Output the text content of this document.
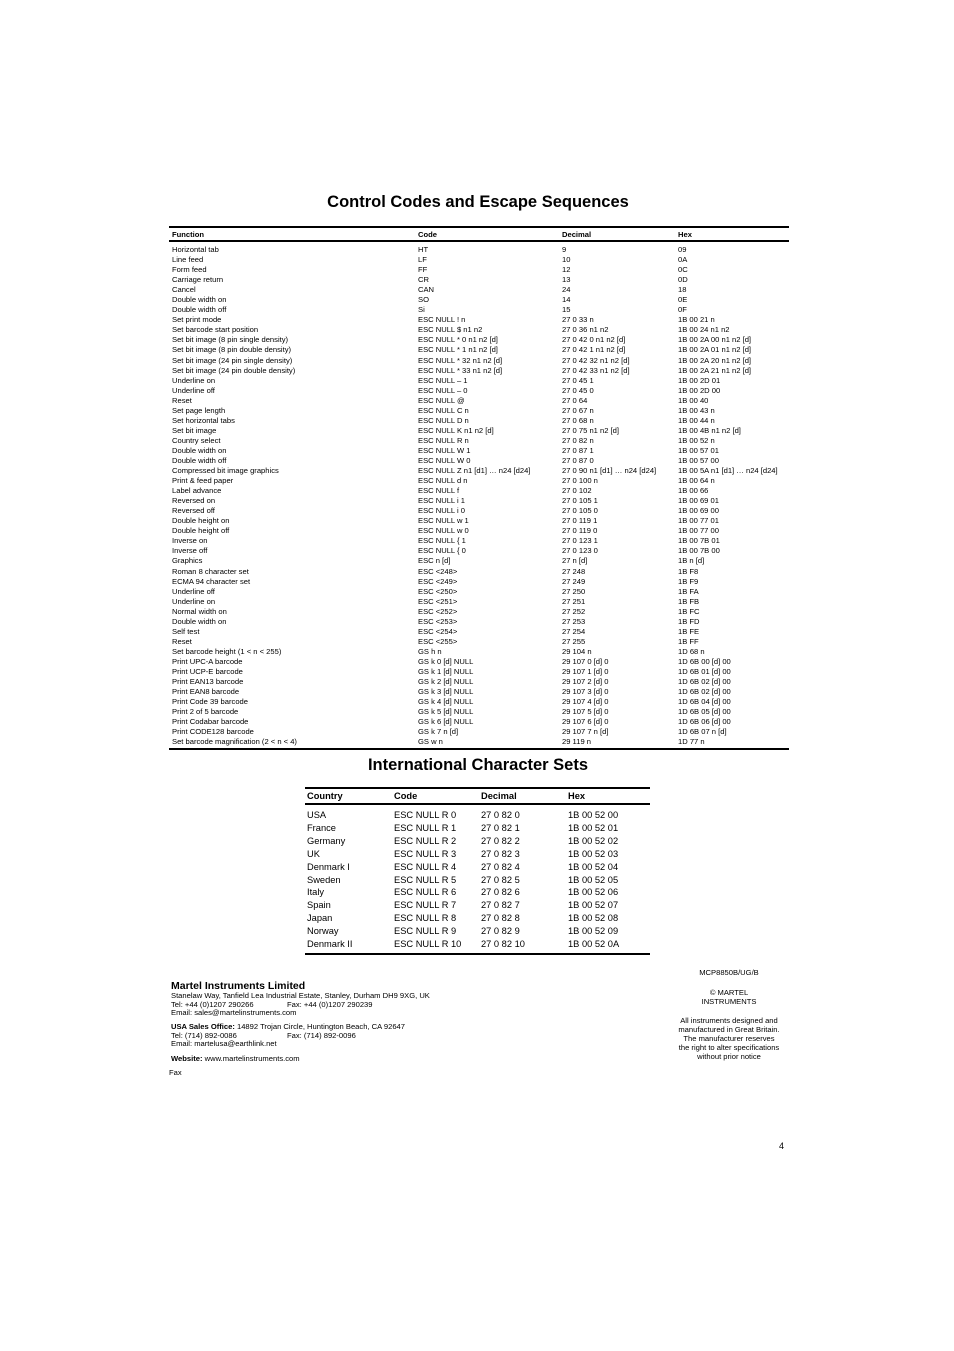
Control Codes and Escape Sequences
Function	Code	Decimal	Hex
Horizontal tab	HT	9	09
Line feed	LF	10	0A
Form feed	FF	12	0C
Carriage return	CR	13	0D
Cancel	CAN	24	18
Double width on	SO	14	0E
Double width off	Si	15	0F
Set print mode	ESC NULL ! n	27 0 33 n	1B 00 21 n
Set barcode start position	ESC NULL $ n1 n2	27 0 36 n1 n2	1B 00 24 n1 n2
Set bit image (8 pin single density)	ESC NULL * 0 n1 n2 [d]	27 0 42 0 n1 n2 [d]	1B 00 2A 00 n1 n2 [d]
Set bit image (8 pin double density)	ESC NULL * 1 n1 n2 [d]	27 0 42 1 n1 n2 [d]	1B 00 2A 01 n1 n2 [d]
Set bit image (24 pin single density)	ESC NULL * 32 n1 n2 [d]	27 0 42 32 n1 n2 [d]	1B 00 2A 20 n1 n2 [d]
Set bit image (24 pin double density)	ESC NULL * 33 n1 n2 [d]	27 0 42 33 n1 n2 [d]	1B 00 2A 21 n1 n2 [d]
Underline on	ESC NULL – 1	27 0 45 1	1B 00 2D 01
Underline off	ESC NULL – 0	27 0 45 0	1B 00 2D 00
Reset	ESC NULL @	27 0 64	1B 00 40
Set page length	ESC NULL C n	27 0 67 n	1B 00 43 n
Set horizontal tabs	ESC NULL D n	27 0 68 n	1B 00 44 n
Set bit image	ESC NULL K n1 n2 [d]	27 0 75 n1 n2 [d]	1B 00 4B n1 n2 [d]
Country select	ESC NULL R n	27 0 82 n	1B 00 52 n
Double width on	ESC NULL W 1	27 0 87 1	1B 00 57 01
Double width off	ESC NULL W 0	27 0 87 0	1B 00 57 00
Compressed bit image graphics	ESC NULL Z n1 [d1] … n24 [d24]	27 0 90 n1 [d1] … n24 [d24]	1B 00 5A n1 [d1] … n24 [d24]
Print & feed paper	ESC NULL d n	27 0 100 n	1B 00 64 n
Label advance	ESC NULL f	27 0 102	1B 00 66
Reversed on	ESC NULL i 1	27 0 105 1	1B 00 69 01
Reversed off	ESC NULL i 0	27 0 105 0	1B 00 69 00
Double height on	ESC NULL w 1	27 0 119 1	1B 00 77 01
Double height off	ESC NULL w 0	27 0 119 0	1B 00 77 00
Inverse on	ESC NULL { 1	27 0 123 1	1B 00 7B 01
Inverse off	ESC NULL { 0	27 0 123 0	1B 00 7B 00
Graphics	ESC n [d]	27 n [d]	1B n [d]
Roman 8 character set	ESC <248>	27 248	1B F8
ECMA 94 character set	ESC <249>	27 249	1B F9
Underline off	ESC <250>	27 250	1B FA
Underline on	ESC <251>	27 251	1B FB
Normal width on	ESC <252>	27 252	1B FC
Double width on	ESC <253>	27 253	1B FD
Self test	ESC <254>	27 254	1B FE
Reset	ESC <255>	27 255	1B FF
Set barcode height (1 < n < 255)	GS h n	29 104 n	1D 68 n
Print UPC-A barcode	GS k 0 [d] NULL	29 107 0 [d] 0	1D 6B 00 [d] 00
Print UCP-E barcode	GS k 1 [d] NULL	29 107 1 [d] 0	1D 6B 01 [d] 00
Print EAN13 barcode	GS k 2 [d] NULL	29 107 2 [d] 0	1D 6B 02 [d] 00
Print EAN8 barcode	GS k 3 [d] NULL	29 107 3 [d] 0	1D 6B 02 [d] 00
Print Code 39 barcode	GS k 4 [d] NULL	29 107 4 [d] 0	1D 6B 04 [d] 00
Print 2 of 5 barcode	GS k 5 [d] NULL	29 107 5 [d] 0	1D 6B 05 [d] 00
Print Codabar barcode	GS k 6 [d] NULL	29 107 6 [d] 0	1D 6B 06 [d] 00
Print CODE128 barcode	GS k 7 n [d]	29 107 7 n [d]	1D 6B 07 n [d]
Set barcode magnification (2 < n < 4)	GS w n	29 119 n	1D 77 n
International Character Sets
Country	Code	Decimal	Hex
USA	ESC NULL R 0	27 0 82 0	1B 00 52 00
France	ESC NULL R 1	27 0 82 1	1B 00 52 01
Germany	ESC NULL R 2	27 0 82 2	1B 00 52 02
UK	ESC NULL R 3	27 0 82 3	1B 00 52 03
Denmark I	ESC NULL R 4	27 0 82 4	1B 00 52 04
Sweden	ESC NULL R 5	27 0 82 5	1B 00 52 05
Italy	ESC NULL R 6	27 0 82 6	1B 00 52 06
Spain	ESC NULL R 7	27 0 82 7	1B 00 52 07
Japan	ESC NULL R 8	27 0 82 8	1B 00 52 08
Norway	ESC NULL R 9	27 0 82 9	1B 00 52 09
Denmark II	ESC NULL R 10	27 0 82 10	1B 00 52 0A
Martel Instruments Limited
Stanelaw Way, Tanfield Lea Industrial Estate, Stanley, Durham DH9 9XG, UK
Tel: +44 (0)1207 290266	Fax: +44 (0)1207 290239
Email: sales@martelinstruments.com
USA Sales Office: 14892 Trojan Circle, Huntington Beach, CA 92647
Tel: (714) 892-0086	Fax: (714) 892-0096
Email: martelusa@earthlink.net
Website: www.martelinstruments.com
Fax

MCP8850B/UG/B

© MARTEL
INSTRUMENTS

All instruments designed and
manufactured in Great Britain.
The manufacturer reserves
the right to alter specifications
without prior notice

4
